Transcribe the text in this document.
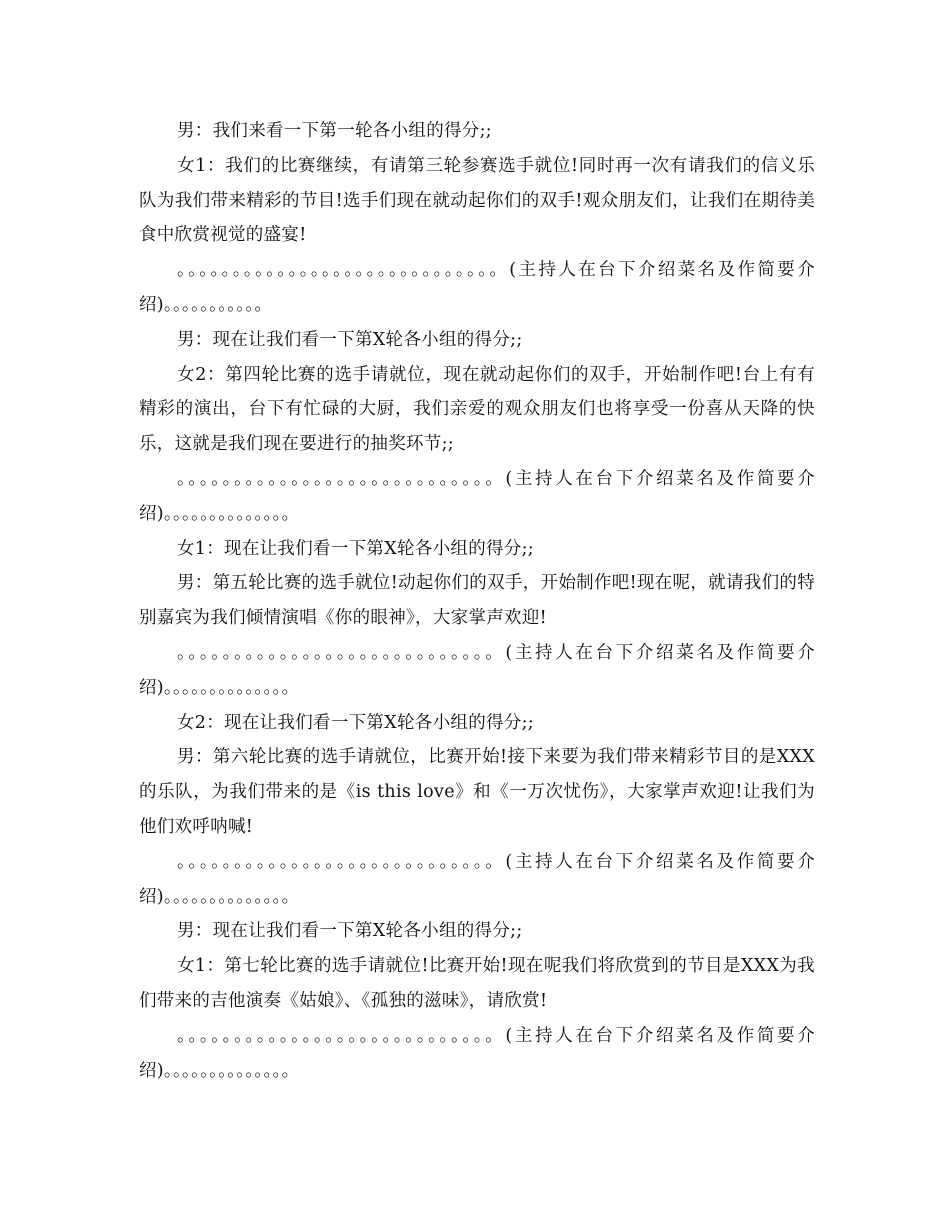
男：我们来看一下第一轮各小组的得分;;

女1：我们的比赛继续，有请第三轮参赛选手就位!同时再一次有请我们的信义乐队为我们带来精彩的节目!选手们现在就动起你们的双手!观众朋友们，让我们在期待美食中欣赏视觉的盛宴!

。。。。。。。。。。。。。。。。。。。。。。。。。。。。。(主持人在台下介绍菜名及作简要介绍)。。。。。。。。。。。

男：现在让我们看一下第X轮各小组的得分;;

女2：第四轮比赛的选手请就位，现在就动起你们的双手，开始制作吧!台上有有精彩的演出，台下有忙碌的大厨，我们亲爱的观众朋友们也将享受一份喜从天降的快乐，这就是我们现在要进行的抽奖环节;;

。。。。。。。。。。。。。。。。。。。。。。。。。。。。(主持人在台下介绍菜名及作简要介绍)。。。。。。。。。。。。。。

女1：现在让我们看一下第X轮各小组的得分;;

男：第五轮比赛的选手就位!动起你们的双手，开始制作吧!现在呢，就请我们的特别嘉宾为我们倾情演唱《你的眼神》，大家掌声欢迎!

。。。。。。。。。。。。。。。。。。。。。。。。。。。。(主持人在台下介绍菜名及作简要介绍)。。。。。。。。。。。。。。

女2：现在让我们看一下第X轮各小组的得分;;

男：第六轮比赛的选手请就位，比赛开始!接下来要为我们带来精彩节目的是XXX的乐队，为我们带来的是《is this love》和《一万次忧伤》，大家掌声欢迎!让我们为他们欢呼呐喊!

。。。。。。。。。。。。。。。。。。。。。。。。。。。。(主持人在台下介绍菜名及作简要介绍)。。。。。。。。。。。。。。

男：现在让我们看一下第X轮各小组的得分;;

女1：第七轮比赛的选手请就位!比赛开始!现在呢我们将欣赏到的节目是XXX为我们带来的吉他演奏《姑娘》、《孤独的滋味》，请欣赏!

。。。。。。。。。。。。。。。。。。。。。。。。。。。。(主持人在台下介绍菜名及作简要介绍)。。。。。。。。。。。。。。
